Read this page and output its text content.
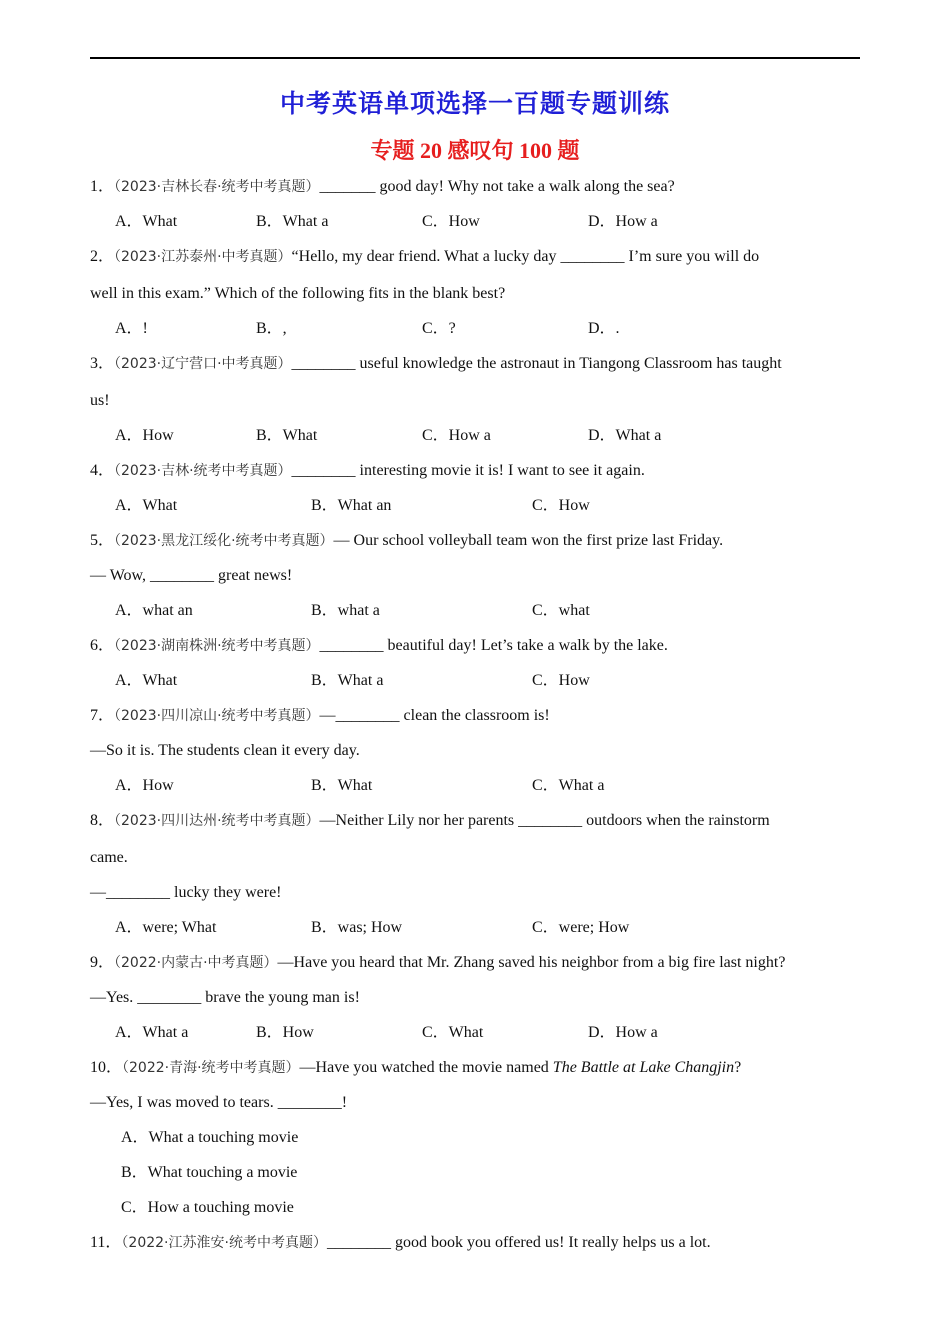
中考英语单项选择一百题专题训练
专题 20 感叹句 100 题
1．（2023·吉林长春·统考中考真题）_______ good day! Why not take a walk along the sea?
A．What	B．What a	C．How	D．How a
2．（2023·江苏泰州·中考真题）“Hello, my dear friend. What a lucky day ________ I’m sure you will do
well in this exam.” Which of the following fits in the blank best?
A．!	B．,	C．?	D．.
3．（2023·辽宁营口·中考真题）________ useful knowledge the astronaut in Tiangong Classroom has taught
us!
A．How	B．What	C．How a	D．What a
4．（2023·吉林·统考中考真题）________ interesting movie it is! I want to see it again.
A．What	B．What an	C．How
5．（2023·黑龙江绥化·统考中考真题）— Our school volleyball team won the first prize last Friday.
— Wow, ________ great news!
A．what an	B．what a	C．what
6．（2023·湖南株洲·统考中考真题）________ beautiful day! Let’s take a walk by the lake.
A．What	B．What a	C．How
7．（2023·四川凉山·统考中考真题）—________ clean the classroom is!
—So it is. The students clean it every day.
A．How	B．What	C．What a
8．（2023·四川达州·统考中考真题）—Neither Lily nor her parents ________ outdoors when the rainstorm
came.
—________ lucky they were!
A．were; What	B．was; How	C．were; How
9．（2022·内蒙古·中考真题）—Have you heard that Mr. Zhang saved his neighbor from a big fire last night?
—Yes. ________ brave the young man is!
A．What a	B．How	C．What	D．How a
10．（2022·青海·统考中考真题）—Have you watched the movie named The Battle at Lake Changjin?
—Yes, I was moved to tears. ________!
A．What a touching movie
B．What touching a movie
C．How a touching movie
11．（2022·江苏淮安·统考中考真题）________ good book you offered us! It really helps us a lot.
